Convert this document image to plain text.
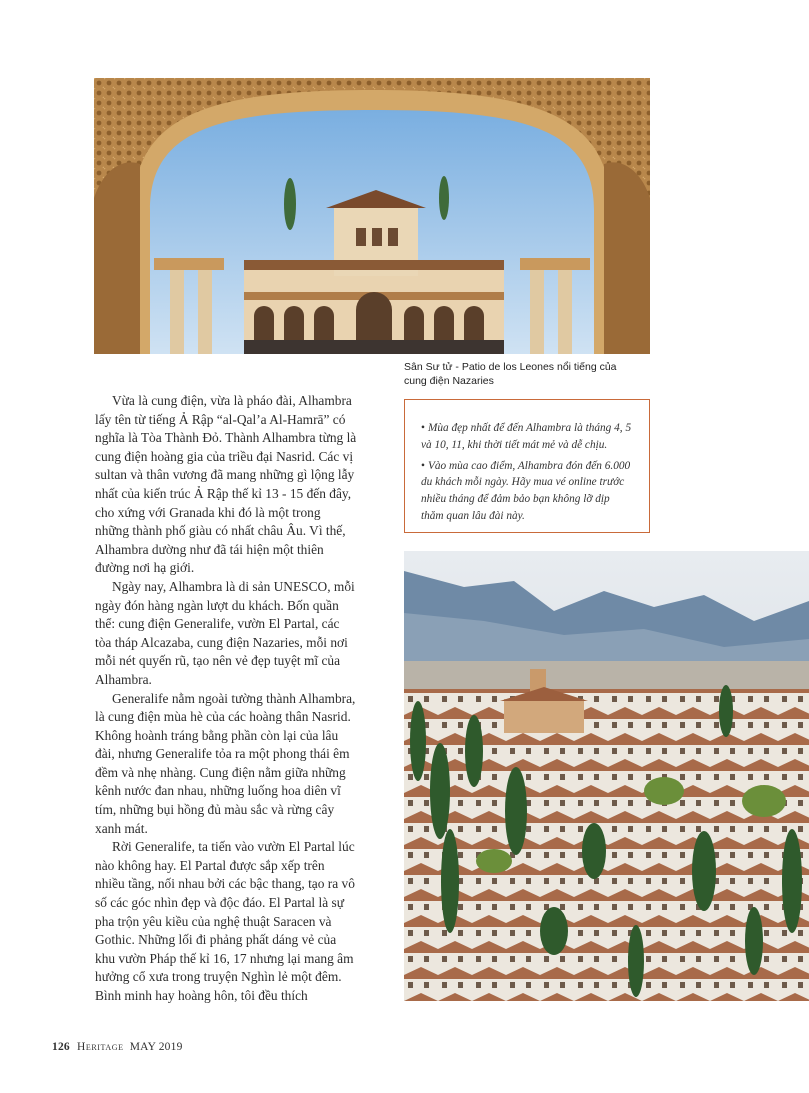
Sân Sư tử - Patio de los Leones nổi tiếng của cung điện Nazaries

Vừa là cung điện, vừa là pháo đài, Alhambra lấy tên từ tiếng Ả Rập “al-Qal’a Al-Hamrā” có nghĩa là Tòa Thành Đỏ. Thành Alhambra từng là cung điện hoàng gia của triều đại Nasrid. Các vị sultan và thân vương đã mang những gì lộng lẫy nhất của kiến trúc Ả Rập thế kỉ 13 - 15 đến đây, cho xứng với Granada khi đó là một trong những thành phố giàu có nhất châu Âu. Vì thế, Alhambra dường như đã tái hiện một thiên đường nơi hạ giới.

Ngày nay, Alhambra là di sản UNESCO, mỗi ngày đón hàng ngàn lượt du khách. Bốn quần thể: cung điện Generalife, vườn El Partal, các tòa tháp Alcazaba, cung điện Nazaries, mỗi nơi mỗi nét quyến rũ, tạo nên vẻ đẹp tuyệt mĩ của Alhambra.

Generalife nằm ngoài tường thành Alhambra, là cung điện mùa hè của các hoàng thân Nasrid. Không hoành tráng bằng phần còn lại của lâu đài, nhưng Generalife tỏa ra một phong thái êm đềm và nhẹ nhàng. Cung điện nằm giữa những kênh nước đan nhau, những luống hoa diên vĩ tím, những bụi hồng đủ màu sắc và rừng cây xanh mát.

Rời Generalife, ta tiến vào vườn El Partal lúc nào không hay. El Partal được sắp xếp trên nhiều tầng, nối nhau bởi các bậc thang, tạo ra vô số các góc nhìn đẹp và độc đáo. El Partal là sự pha trộn yêu kiều của nghệ thuật Saracen và Gothic. Những lối đi phảng phất dáng vẻ của khu vườn Pháp thế kỉ 16, 17 nhưng lại mang âm hưởng cổ xưa trong truyện Nghìn lẻ một đêm. Bình minh hay hoàng hôn, tôi đều thích

• Mùa đẹp nhất để đến Alhambra là tháng 4, 5 và 10, 11, khi thời tiết mát mẻ và dễ chịu.
• Vào mùa cao điểm, Alhambra đón đến 6.000 du khách mỗi ngày. Hãy mua vé online trước nhiều tháng để đảm bảo bạn không lỡ dịp thăm quan lâu đài này.
126 Heritage MAY 2019
